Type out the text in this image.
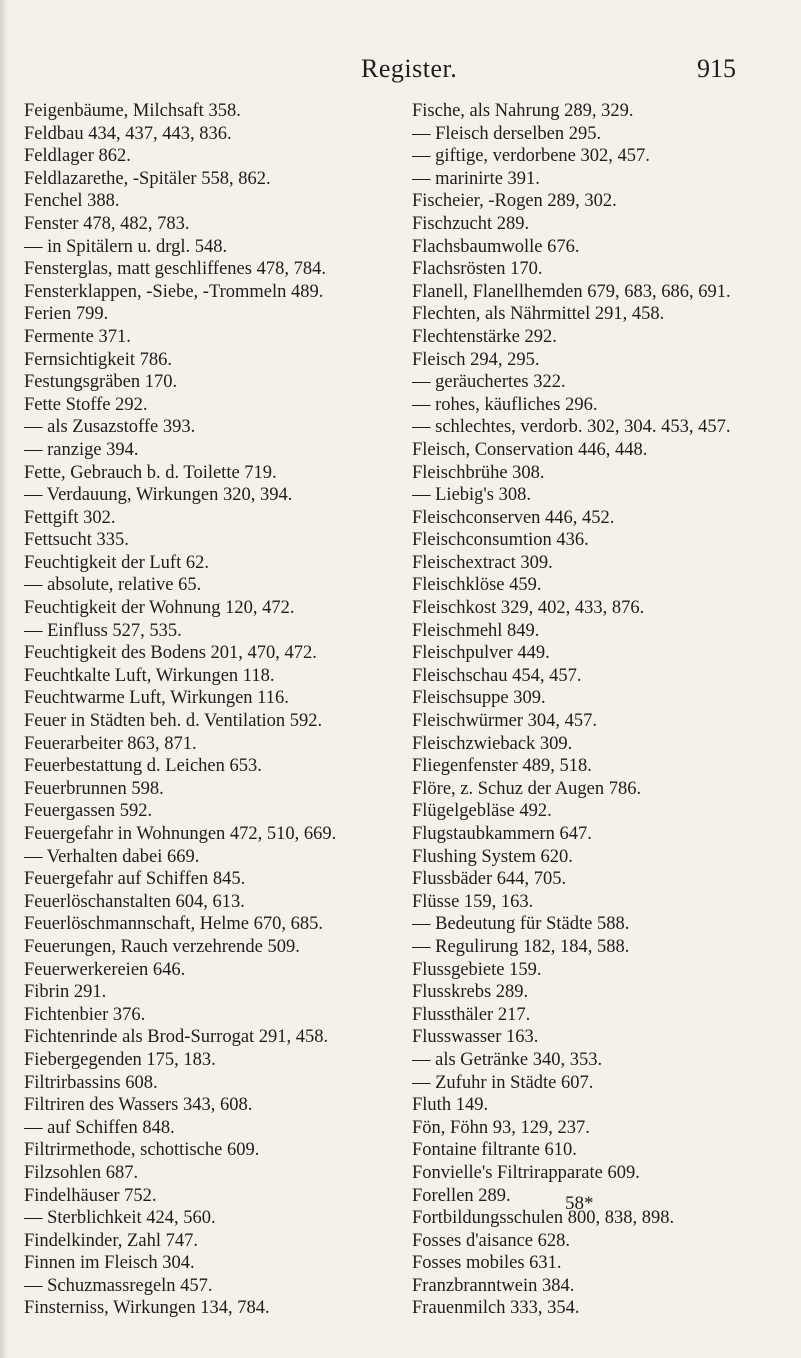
Register.	915
Feigenbäume, Milchsaft 358.
Feldbau 434, 437, 443, 836.
Feldlager 862.
Feldlazarethe, -Spitäler 558, 862.
Fenchel 388.
Fenster 478, 482, 783.
— in Spitälern u. drgl. 548.
Fensterglas, matt geschliffenes 478, 784.
Fensterklappen, -Siebe, -Trommeln 489.
Ferien 799.
Fermente 371.
Fernsichtigkeit 786.
Festungsgräben 170.
Fette Stoffe 292.
— als Zusazstoffe 393.
— ranzige 394.
Fette, Gebrauch b. d. Toilette 719.
— Verdauung, Wirkungen 320, 394.
Fettgift 302.
Fettsucht 335.
Feuchtigkeit der Luft 62.
— absolute, relative 65.
Feuchtigkeit der Wohnung 120, 472.
— Einfluss 527, 535.
Feuchtigkeit des Bodens 201, 470, 472.
Feuchtkalte Luft, Wirkungen 118.
Feuchtwarme Luft, Wirkungen 116.
Feuer in Städten beh. d. Ventilation 592.
Feuerarbeiter 863, 871.
Feuerbestattung d. Leichen 653.
Feuerbrunnen 598.
Feuergassen 592.
Feuergefahr in Wohnungen 472, 510, 669.
— Verhalten dabei 669.
Feuergefahr auf Schiffen 845.
Feuerlöschanstalten 604, 613.
Feuerlöschmannschaft, Helme 670, 685.
Feuerungen, Rauch verzehrende 509.
Feuerwerkereien 646.
Fibrin 291.
Fichtenbier 376.
Fichtenrinde als Brod-Surrogat 291, 458.
Fiebergegenden 175, 183.
Filtrirbassins 608.
Filtriren des Wassers 343, 608.
— auf Schiffen 848.
Filtrirmethode, schottische 609.
Filzsohlen 687.
Findelhäuser 752.
— Sterblichkeit 424, 560.
Findelkinder, Zahl 747.
Finnen im Fleisch 304.
— Schuzmassregeln 457.
Finsterniss, Wirkungen 134, 784.
Fische, als Nahrung 289, 329.
— Fleisch derselben 295.
— giftige, verdorbene 302, 457.
— marinirte 391.
Fischeier, -Rogen 289, 302.
Fischzucht 289.
Flachsbaumwolle 676.
Flachsrösten 170.
Flanell, Flanellhemden 679, 683, 686, 691.
Flechten, als Nährmittel 291, 458.
Flechtenstärke 292.
Fleisch 294, 295.
— geräuchertes 322.
— rohes, käufliches 296.
— schlechtes, verdorb. 302, 304. 453, 457.
Fleisch, Conservation 446, 448.
Fleischbrühe 308.
— Liebig's 308.
Fleischconserven 446, 452.
Fleischconsumtion 436.
Fleischextract 309.
Fleischklöse 459.
Fleischkost 329, 402, 433, 876.
Fleischmehl 849.
Fleischpulver 449.
Fleischschau 454, 457.
Fleischsuppe 309.
Fleischwürmer 304, 457.
Fleischzwieback 309.
Fliegenfenster 489, 518.
Flöre, z. Schuz der Augen 786.
Flügelgebläse 492.
Flugstaubkammern 647.
Flushing System 620.
Flussbäder 644, 705.
Flüsse 159, 163.
— Bedeutung für Städte 588.
— Regulirung 182, 184, 588.
Flussgebiete 159.
Flusskrebs 289.
Flussthäler 217.
Flusswasser 163.
— als Getränke 340, 353.
— Zufuhr in Städte 607.
Fluth 149.
Fön, Föhn 93, 129, 237.
Fontaine filtrante 610.
Fonvielle's Filtrirapparate 609.
Forellen 289.
Fortbildungsschulen 800, 838, 898.
Fosses d'aisance 628.
Fosses mobiles 631.
Franzbranntwein 384.
Frauenmilch 333, 354.
58*
